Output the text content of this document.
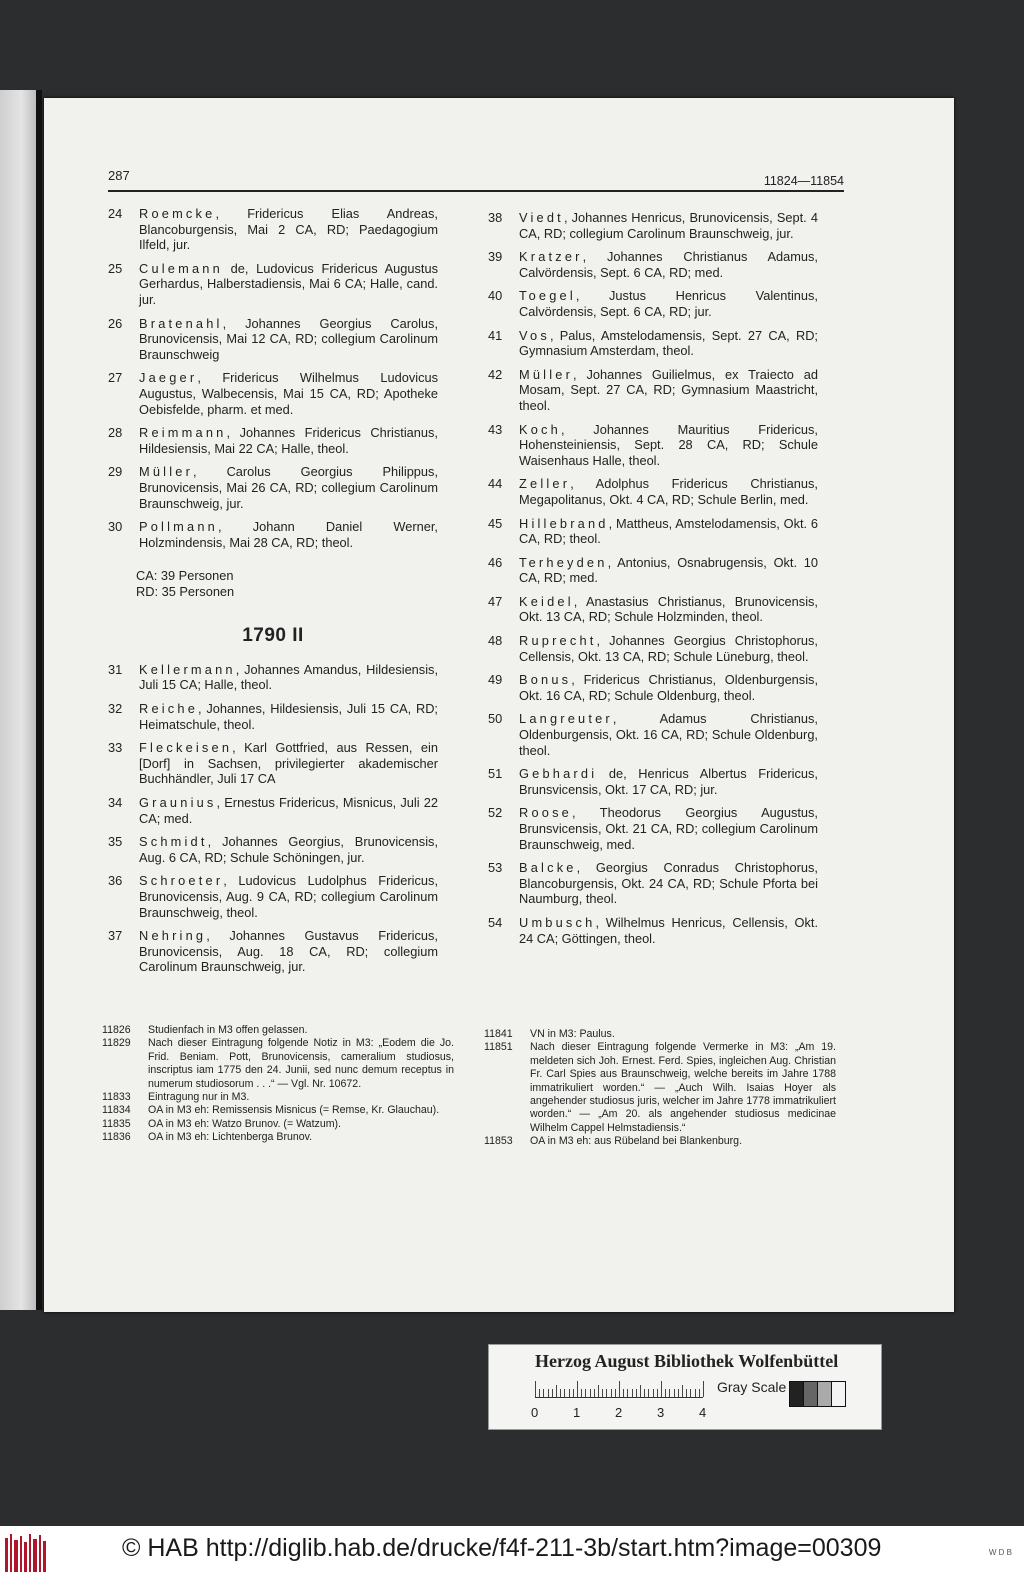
287	11824—11854
24	Roemcke, Fridericus Elias Andreas, Blancoburgensis, Mai 2 CA, RD; Paedagogium Ilfeld, jur.
25	Culemann de, Ludovicus Fridericus Augustus Gerhardus, Halberstadiensis, Mai 6 CA; Halle, cand. jur.
26	Bratenahl, Johannes Georgius Carolus, Brunovicensis, Mai 12 CA, RD; collegium Carolinum Braunschweig
27	Jaeger, Fridericus Wilhelmus Ludovicus Augustus, Walbecensis, Mai 15 CA, RD; Apotheke Oebisfelde, pharm. et med.
28	Reimmann, Johannes Fridericus Christianus, Hildesiensis, Mai 22 CA; Halle, theol.
29	Müller, Carolus Georgius Philippus, Brunovicensis, Mai 26 CA, RD; collegium Carolinum Braunschweig, jur.
30	Pollmann, Johann Daniel Werner, Holzmindensis, Mai 28 CA, RD; theol.
CA: 39 Personen
RD: 35 Personen
1790 II
31	Kellermann, Johannes Amandus, Hildesiensis, Juli 15 CA; Halle, theol.
32	Reiche, Johannes, Hildesiensis, Juli 15 CA, RD; Heimatschule, theol.
33	Fleckeisen, Karl Gottfried, aus Ressen, ein [Dorf] in Sachsen, privilegierter akademischer Buchhändler, Juli 17 CA
34	Graunius, Ernestus Fridericus, Misnicus, Juli 22 CA; med.
35	Schmidt, Johannes Georgius, Brunovicensis, Aug. 6 CA, RD; Schule Schöningen, jur.
36	Schroeter, Ludovicus Ludolphus Fridericus, Brunovicensis, Aug. 9 CA, RD; collegium Carolinum Braunschweig, theol.
37	Nehring, Johannes Gustavus Fridericus, Brunovicensis, Aug. 18 CA, RD; collegium Carolinum Braunschweig, jur.
38	Viedt, Johannes Henricus, Brunovicensis, Sept. 4 CA, RD; collegium Carolinum Braunschweig, jur.
39	Kratzer, Johannes Christianus Adamus, Calvördensis, Sept. 6 CA, RD; med.
40	Toegel, Justus Henricus Valentinus, Calvördensis, Sept. 6 CA, RD; jur.
41	Vos, Palus, Amstelodamensis, Sept. 27 CA, RD; Gymnasium Amsterdam, theol.
42	Müller, Johannes Guilielmus, ex Traiecto ad Mosam, Sept. 27 CA, RD; Gymnasium Maastricht, theol.
43	Koch, Johannes Mauritius Fridericus, Hohensteiniensis, Sept. 28 CA, RD; Schule Waisenhaus Halle, theol.
44	Zeller, Adolphus Fridericus Christianus, Megapolitanus, Okt. 4 CA, RD; Schule Berlin, med.
45	Hillebrand, Mattheus, Amstelodamensis, Okt. 6 CA, RD; theol.
46	Terheyden, Antonius, Osnabrugensis, Okt. 10 CA, RD; med.
47	Keidel, Anastasius Christianus, Brunovicensis, Okt. 13 CA, RD; Schule Holzminden, theol.
48	Ruprecht, Johannes Georgius Christophorus, Cellensis, Okt. 13 CA, RD; Schule Lüneburg, theol.
49	Bonus, Fridericus Christianus, Oldenburgensis, Okt. 16 CA, RD; Schule Oldenburg, theol.
50	Langreuter, Adamus Christianus, Oldenburgensis, Okt. 16 CA, RD; Schule Oldenburg, theol.
51	Gebhardi de, Henricus Albertus Fridericus, Brunsvicensis, Okt. 17 CA, RD; jur.
52	Roose, Theodorus Georgius Augustus, Brunsvicensis, Okt. 21 CA, RD; collegium Carolinum Braunschweig, med.
53	Balcke, Georgius Conradus Christophorus, Blancoburgensis, Okt. 24 CA, RD; Schule Pforta bei Naumburg, theol.
54	Umbusch, Wilhelmus Henricus, Cellensis, Okt. 24 CA; Göttingen, theol.
11826 Studienfach in M3 offen gelassen.
11829 Nach dieser Eintragung folgende Notiz in M3: „Eodem die Jo. Frid. Beniam. Pott, Brunovicensis, cameralium studiosus, inscriptus iam 1775 den 24. Junii, sed nunc demum receptus in numerum studiosorum . . .“ — Vgl. Nr. 10672.
11833 Eintragung nur in M3.
11834 OA in M3 eh: Remissensis Misnicus (= Remse, Kr. Glauchau).
11835 OA in M3 eh: Watzo Brunov. (= Watzum).
11836 OA in M3 eh: Lichtenberga Brunov.
11841 VN in M3: Paulus.
11851 Nach dieser Eintragung folgende Vermerke in M3: „Am 19. meldeten sich Joh. Ernest. Ferd. Spies, ingleichen Aug. Christian Fr. Carl Spies aus Braunschweig, welche bereits im Jahre 1788 immatrikuliert worden.“ — „Auch Wilh. Isaias Hoyer als angehender studiosus juris, welcher im Jahre 1778 immatrikuliert worden.“ — „Am 20. als angehender studiosus medicinae Wilhelm Cappel Helmstadiensis.“
11853 OA in M3 eh: aus Rübeland bei Blankenburg.
Herzog August Bibliothek Wolfenbüttel
0	1	2	3	4
Gray Scale
© HAB http://diglib.hab.de/drucke/f4f-211-3b/start.htm?image=00309	W D B
